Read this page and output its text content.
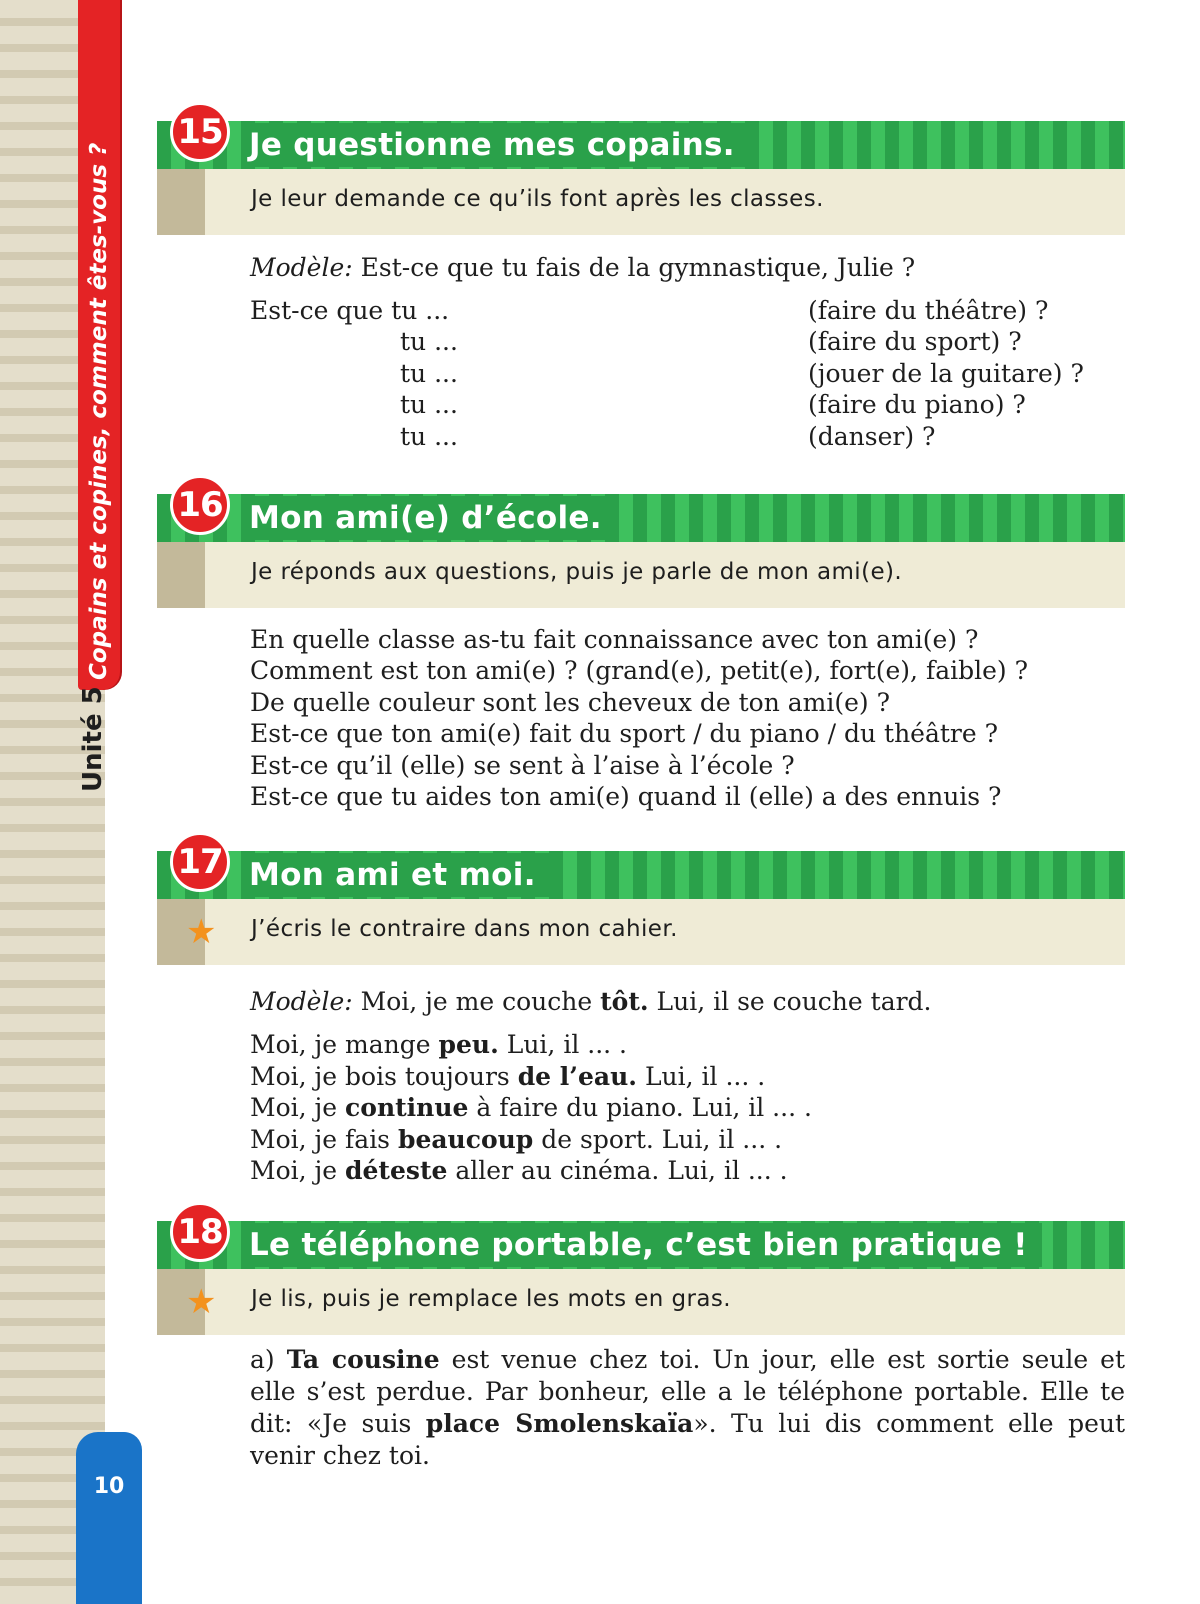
Copains et copines, comment êtes-vous ?
Unité 5
10
Je questionne mes copains.
15
Je leur demande ce qu’ils font après les classes.
Modèle: Est-ce que tu fais de la gymnastique, Julie ?
Est-ce que tu ...
tu ...
tu ...
tu ...
tu ...
(faire du théâtre) ?
(faire du sport) ?
(jouer de la guitare) ?
(faire du piano) ?
(danser) ?
Mon ami(e) d’école.
16
Je réponds aux questions, puis je parle de mon ami(e).
En quelle classe as-tu fait connaissance avec ton ami(e) ?
Comment est ton ami(e) ? (grand(e), petit(e), fort(e), faible) ?
De quelle couleur sont les cheveux de ton ami(e) ?
Est-ce que ton ami(e) fait du sport / du piano / du théâtre ?
Est-ce qu’il (elle) se sent à l’aise à l’école ?
Est-ce que tu aides ton ami(e) quand il (elle) a des ennuis ?
Mon ami et moi.
17
J’écris le contraire dans mon cahier.
★
Modèle: Moi, je me couche tôt. Lui, il se couche tard.
Moi, je mange peu. Lui, il ... .
Moi, je bois toujours de l’eau. Lui, il ... .
Moi, je continue à faire du piano. Lui, il ... .
Moi, je fais beaucoup de sport. Lui, il ... .
Moi, je déteste aller au cinéma. Lui, il ... .
Le téléphone portable, c’est bien pratique !
18
Je lis, puis je remplace les mots en gras.
★
a) Ta cousine est venue chez toi. Un jour, elle est sortie seule et elle s’est perdue. Par bonheur, elle a le téléphone portable. Elle te dit: «Je suis place Smolenskaïa». Tu lui dis comment elle peut venir chez toi.
